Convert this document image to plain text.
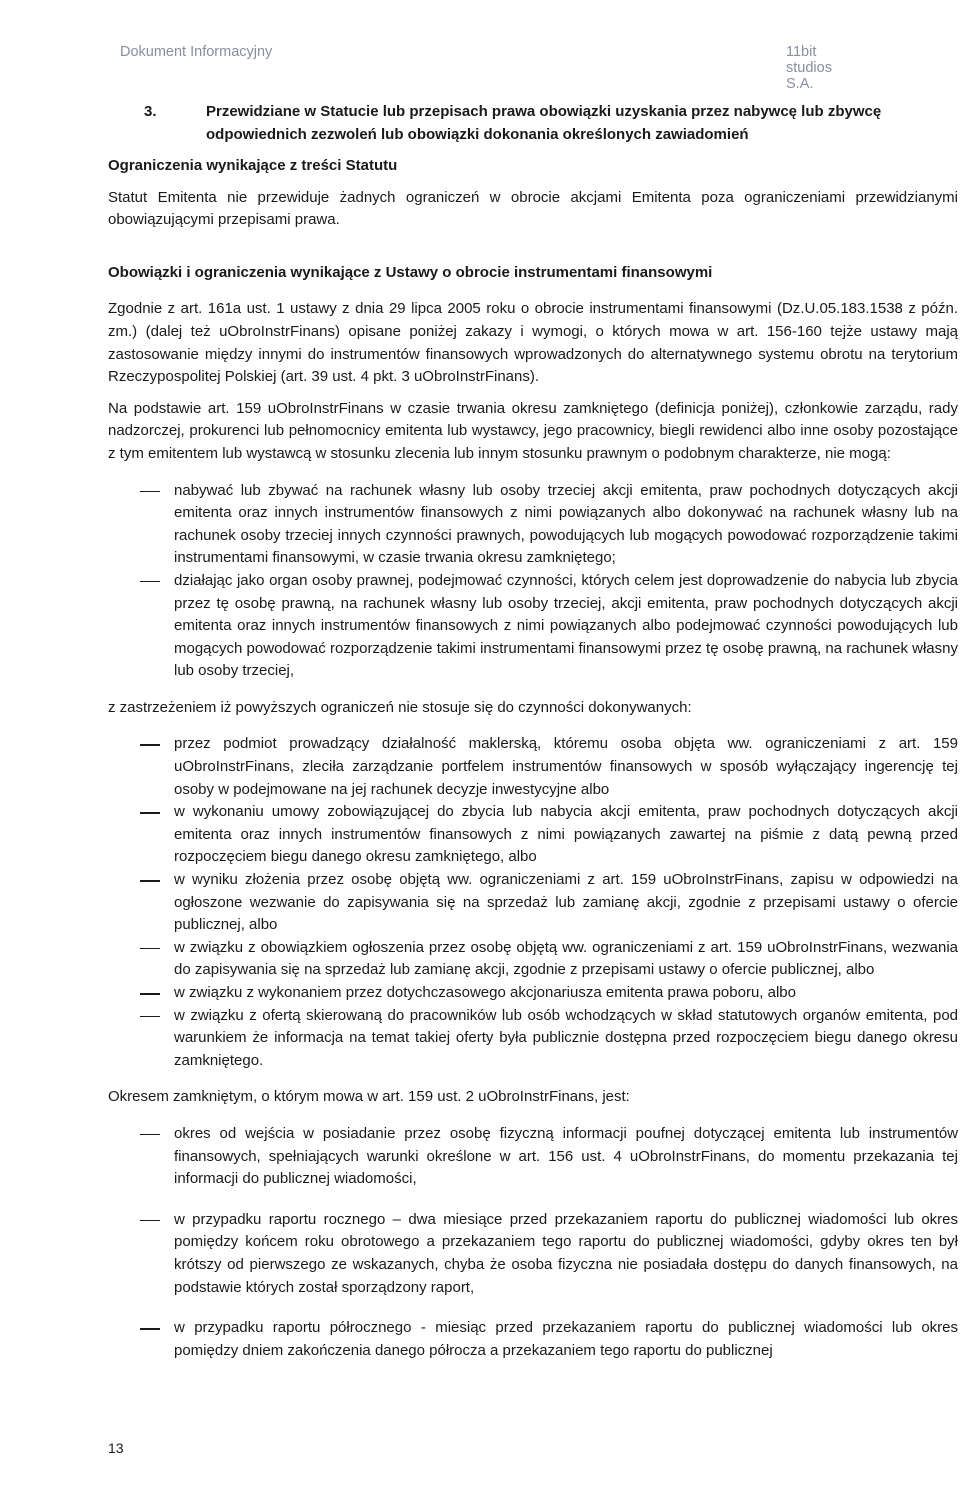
Dokument Informacyjny	11bit studios S.A.
3.	Przewidziane w Statucie lub przepisach prawa obowiązki uzyskania przez nabywcę lub zbywcę odpowiednich zezwoleń lub obowiązki dokonania określonych zawiadomień
Ograniczenia wynikające z treści Statutu

Statut Emitenta nie przewiduje żadnych ograniczeń w obrocie akcjami Emitenta poza ograniczeniami przewidzianymi obowiązującymi przepisami prawa.

Obowiązki i ograniczenia wynikające z Ustawy o obrocie instrumentami finansowymi

Zgodnie z art. 161a ust. 1 ustawy z dnia 29 lipca 2005 roku o obrocie instrumentami finansowymi (Dz.U.05.183.1538 z późn. zm.) (dalej też uObroInstrFinans) opisane poniżej zakazy i wymogi, o których mowa w art. 156-160 tejże ustawy mają zastosowanie między innymi do instrumentów finansowych wprowadzonych do alternatywnego systemu obrotu na terytorium Rzeczypospolitej Polskiej (art. 39 ust. 4 pkt. 3 uObroInstrFinans).

Na podstawie art. 159 uObroInstrFinans w czasie trwania okresu zamkniętego (definicja poniżej), członkowie zarządu, rady nadzorczej, prokurenci lub pełnomocnicy emitenta lub wystawcy, jego pracownicy, biegli rewidenci albo inne osoby pozostające z tym emitentem lub wystawcą w stosunku zlecenia lub innym stosunku prawnym o podobnym charakterze, nie mogą:

nabywać lub zbywać na rachunek własny lub osoby trzeciej akcji emitenta, praw pochodnych dotyczących akcji emitenta oraz innych instrumentów finansowych z nimi powiązanych albo dokonywać na rachunek własny lub na rachunek osoby trzeciej innych czynności prawnych, powodujących lub mogących powodować rozporządzenie takimi instrumentami finansowymi, w czasie trwania okresu zamkniętego;
działając jako organ osoby prawnej, podejmować czynności, których celem jest doprowadzenie do nabycia lub zbycia przez tę osobę prawną, na rachunek własny lub osoby trzeciej, akcji emitenta, praw pochodnych dotyczących akcji emitenta oraz innych instrumentów finansowych z nimi powiązanych albo podejmować czynności powodujących lub mogących powodować rozporządzenie takimi instrumentami finansowymi przez tę osobę prawną, na rachunek własny lub osoby trzeciej,

z zastrzeżeniem iż powyższych ograniczeń nie stosuje się do czynności dokonywanych:

przez podmiot prowadzący działalność maklerską, któremu osoba objęta ww. ograniczeniami z art. 159 uObroInstrFinans, zleciła zarządzanie portfelem instrumentów finansowych w sposób wyłączający ingerencję tej osoby w podejmowane na jej rachunek decyzje inwestycyjne albo
w wykonaniu umowy zobowiązującej do zbycia lub nabycia akcji emitenta, praw pochodnych dotyczących akcji emitenta oraz innych instrumentów finansowych z nimi powiązanych zawartej na piśmie z datą pewną przed rozpoczęciem biegu danego okresu zamkniętego, albo
w wyniku złożenia przez osobę objętą ww. ograniczeniami z art. 159 uObroInstrFinans, zapisu w odpowiedzi na ogłoszone wezwanie do zapisywania się na sprzedaż lub zamianę akcji, zgodnie z przepisami ustawy o ofercie publicznej, albo
w związku z obowiązkiem ogłoszenia przez osobę objętą ww. ograniczeniami z art. 159 uObroInstrFinans, wezwania do zapisywania się na sprzedaż lub zamianę akcji, zgodnie z przepisami ustawy o ofercie publicznej, albo
w związku z wykonaniem przez dotychczasowego akcjonariusza emitenta prawa poboru, albo
w związku z ofertą skierowaną do pracowników lub osób wchodzących w skład statutowych organów emitenta, pod warunkiem że informacja na temat takiej oferty była publicznie dostępna przed rozpoczęciem biegu danego okresu zamkniętego.

Okresem zamkniętym, o którym mowa w art. 159 ust. 2 uObroInstrFinans, jest:

okres od wejścia w posiadanie przez osobę fizyczną informacji poufnej dotyczącej emitenta lub instrumentów finansowych, spełniających warunki określone w art. 156 ust. 4 uObroInstrFinans, do momentu przekazania tej informacji do publicznej wiadomości,
w przypadku raportu rocznego – dwa miesiące przed przekazaniem raportu do publicznej wiadomości lub okres pomiędzy końcem roku obrotowego a przekazaniem tego raportu do publicznej wiadomości, gdyby okres ten był krótszy od pierwszego ze wskazanych, chyba że osoba fizyczna nie posiadała dostępu do danych finansowych, na podstawie których został sporządzony raport,
w przypadku raportu półrocznego - miesiąc przed przekazaniem raportu do publicznej wiadomości lub okres pomiędzy dniem zakończenia danego półrocza a przekazaniem tego raportu do publicznej
13
